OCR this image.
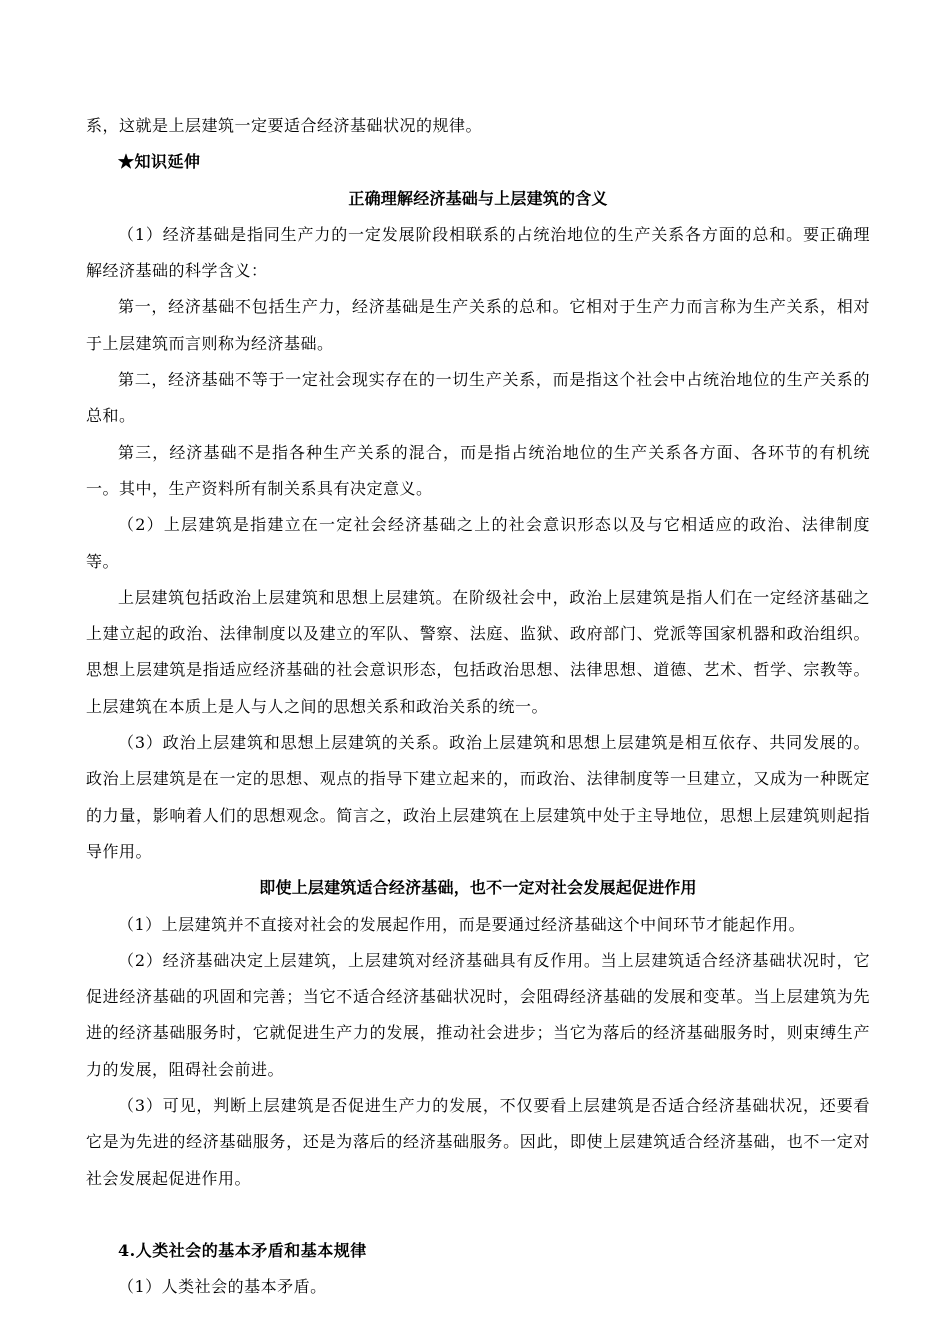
系，这就是上层建筑一定要适合经济基础状况的规律。

★知识延伸

正确理解经济基础与上层建筑的含义

（1）经济基础是指同生产力的一定发展阶段相联系的占统治地位的生产关系各方面的总和。要正确理解经济基础的科学含义：

第一，经济基础不包括生产力，经济基础是生产关系的总和。它相对于生产力而言称为生产关系，相对于上层建筑而言则称为经济基础。

第二，经济基础不等于一定社会现实存在的一切生产关系，而是指这个社会中占统治地位的生产关系的总和。

第三，经济基础不是指各种生产关系的混合，而是指占统治地位的生产关系各方面、各环节的有机统一。其中，生产资料所有制关系具有决定意义。

（2）上层建筑是指建立在一定社会经济基础之上的社会意识形态以及与它相适应的政治、法律制度等。

上层建筑包括政治上层建筑和思想上层建筑。在阶级社会中，政治上层建筑是指人们在一定经济基础之上建立起的政治、法律制度以及建立的军队、警察、法庭、监狱、政府部门、党派等国家机器和政治组织。思想上层建筑是指适应经济基础的社会意识形态，包括政治思想、法律思想、道德、艺术、哲学、宗教等。上层建筑在本质上是人与人之间的思想关系和政治关系的统一。

（3）政治上层建筑和思想上层建筑的关系。政治上层建筑和思想上层建筑是相互依存、共同发展的。政治上层建筑是在一定的思想、观点的指导下建立起来的，而政治、法律制度等一旦建立，又成为一种既定的力量，影响着人们的思想观念。简言之，政治上层建筑在上层建筑中处于主导地位，思想上层建筑则起指导作用。

即使上层建筑适合经济基础，也不一定对社会发展起促进作用

（1）上层建筑并不直接对社会的发展起作用，而是要通过经济基础这个中间环节才能起作用。

（2）经济基础决定上层建筑，上层建筑对经济基础具有反作用。当上层建筑适合经济基础状况时，它促进经济基础的巩固和完善；当它不适合经济基础状况时，会阻碍经济基础的发展和变革。当上层建筑为先进的经济基础服务时，它就促进生产力的发展，推动社会进步；当它为落后的经济基础服务时，则束缚生产力的发展，阻碍社会前进。

（3）可见，判断上层建筑是否促进生产力的发展，不仅要看上层建筑是否适合经济基础状况，还要看它是为先进的经济基础服务，还是为落后的经济基础服务。因此，即使上层建筑适合经济基础，也不一定对社会发展起促进作用。

4.人类社会的基本矛盾和基本规律

（1）人类社会的基本矛盾。
